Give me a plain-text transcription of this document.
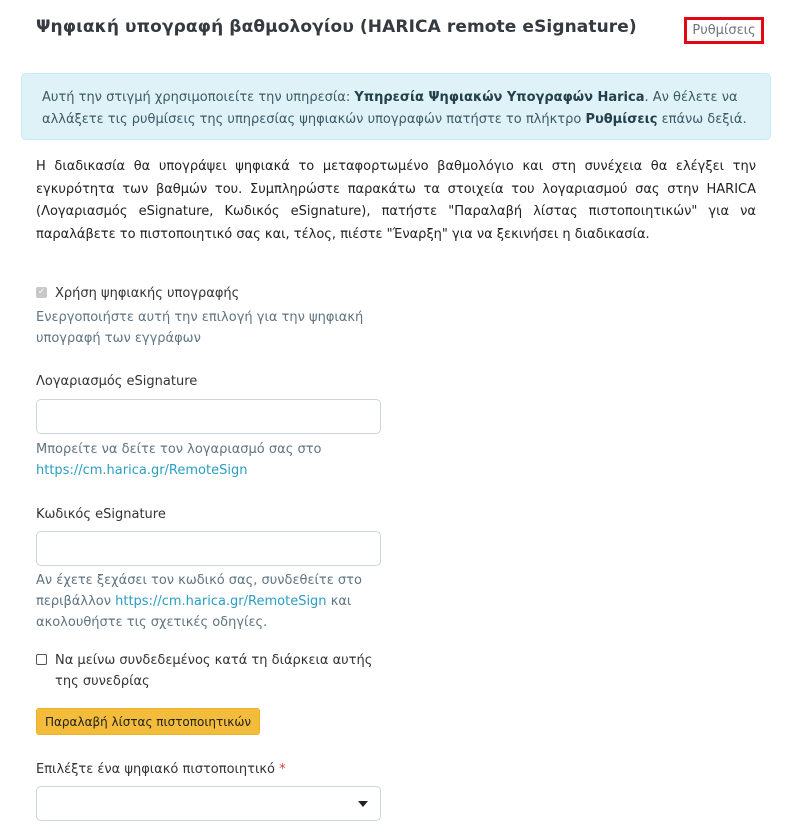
Ψηφιακή υπογραφή βαθμολογίου (HARICA remote eSignature)	Ρυθμίσεις
Αυτή την στιγμή χρησιμοποιείτε την υπηρεσία: Υπηρεσία Ψηφιακών Υπογραφών Harica. Αν θέλετε να αλλάξετε τις ρυθμίσεις της υπηρεσίας ψηφιακών υπογραφών πατήστε το πλήκτρο Ρυθμίσεις επάνω δεξιά.
Η διαδικασία θα υπογράψει ψηφιακά το μεταφορτωμένο βαθμολόγιο και στη συνέχεια θα ελέγξει την εγκυρότητα των βαθμών του. Συμπληρώστε παρακάτω τα στοιχεία του λογαριασμού σας στην HARICA (Λογαριασμός eSignature, Κωδικός eSignature), πατήστε "Παραλαβή λίστας πιστοποιητικών" για να παραλάβετε το πιστοποιητικό σας και, τέλος, πιέστε "Έναρξη" για να ξεκινήσει η διαδικασία.
✓ Χρήση ψηφιακής υπογραφής
Ενεργοποιήστε αυτή την επιλογή για την ψηφιακή υπογραφή των εγγράφων
Λογαριασμός eSignature
Μπορείτε να δείτε τον λογαριασμό σας στο
https://cm.harica.gr/RemoteSign
Κωδικός eSignature
Αν έχετε ξεχάσει τον κωδικό σας, συνδεθείτε στο περιβάλλον https://cm.harica.gr/RemoteSign και ακολουθήστε τις σχετικές οδηγίες.
Να μείνω συνδεδεμένος κατά τη διάρκεια αυτής της συνεδρίας
Παραλαβή λίστας πιστοποιητικών
Επιλέξτε ένα ψηφιακό πιστοποιητικό *
